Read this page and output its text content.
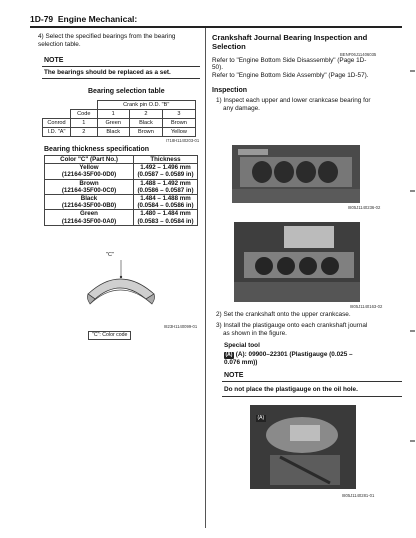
1D-79 Engine Mechanical:
4) Select the specified bearings from the bearing selection table.
NOTE
The bearings should be replaced as a set.
Bearing selection table
		Crank pin O.D. "B"		
	Code	1	2	3
Conrod	1	Green	Black	Brown
I.D. "A"	2	Black	Brown	Yellow
I718H1140203-01
Bearing thickness specification
Color "C" (Part No.)	Thickness
Yellow
(12164-35F00-0D0)	1.492 – 1.496 mm
(0.0587 – 0.0589 in)
Brown
(12164-35F00-0C0)	1.488 – 1.492 mm
(0.0586 – 0.0587 in)
Black
(12164-35F00-0B0)	1.484 – 1.488 mm
(0.0584 – 0.0586 in)
Green
(12164-35F00-0A0)	1.480 – 1.484 mm
(0.0583 – 0.0584 in)
"C"
"C": Color code
I823H1140099-01
Crankshaft Journal Bearing Inspection and
Selection
BENF06J11406035
Refer to "Engine Bottom Side Disassembly" (Page 1D-
50).
Refer to "Engine Bottom Side Assembly" (Page 1D-57).
Inspection
1) Inspect each upper and lower crankcase bearing for
any damage.
I805J1140236-02
I805J1140163-02
2) Set the crankshaft onto the upper crankcase.
3) Install the plastigauge onto each crankshaft journal
as shown in the figure.
Special tool
(A) (A): 09900–22301 (Plastigauge (0.025 –
0.076 mm))
NOTE
Do not place the plastigauge on the oil hole.
(A)
I805J1140281-01
